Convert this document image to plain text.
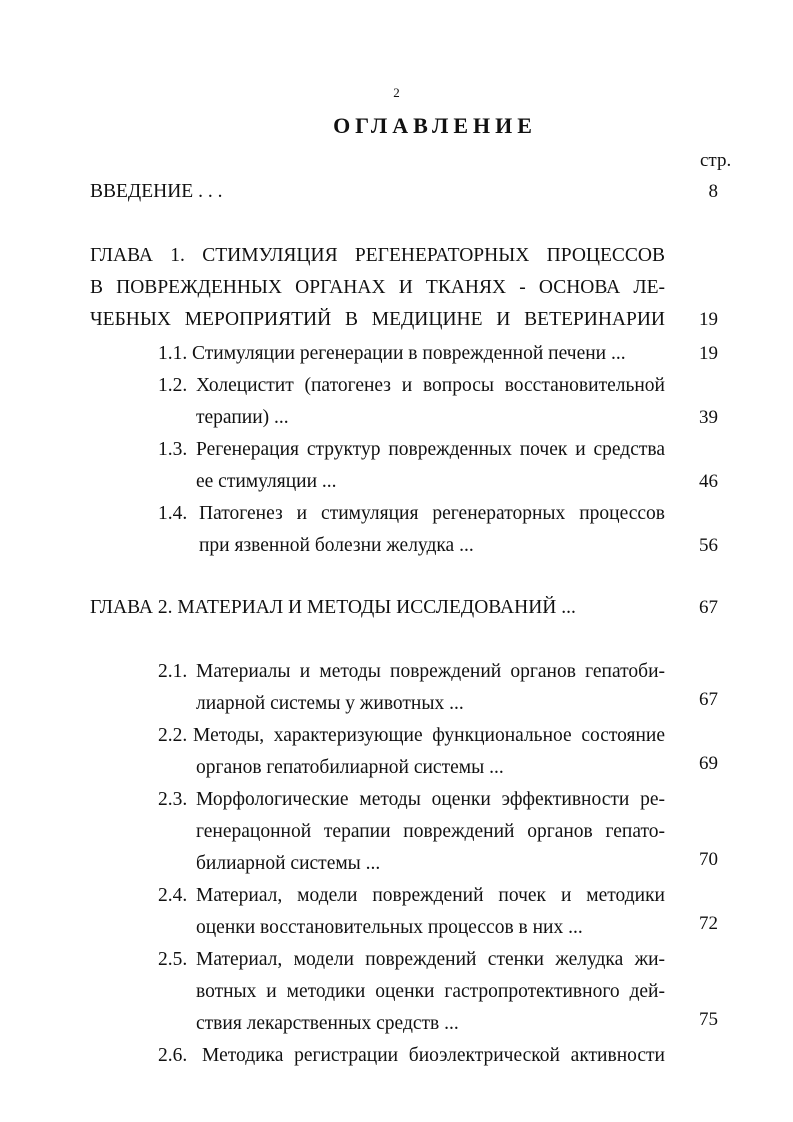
2
ОГЛАВЛЕНИЕ
стр.
ВВЕДЕНИЕ . . .	8
ГЛАВА 1. СТИМУЛЯЦИЯ РЕГЕНЕРАТОРНЫХ ПРОЦЕССОВ
В ПОВРЕЖДЕННЫХ ОРГАНАХ И ТКАНЯХ - ОСНОВА ЛЕ-
ЧЕБНЫХ МЕРОПРИЯТИЙ В МЕДИЦИНЕ И ВЕТЕРИНАРИИ	19
1.1. Стимуляции регенерации в поврежденной печени ...	19
1.2. Холецистит (патогенез и вопросы восстановительной
терапии) ...	39
1.3. Регенерация структур поврежденных почек и средства
ее стимуляции ...	46
1.4. Патогенез и стимуляция регенераторных процессов
при язвенной болезни желудка ...	56
ГЛАВА 2. МАТЕРИАЛ И МЕТОДЫ ИССЛЕДОВАНИЙ ...	67
2.1. Материалы и методы повреждений органов гепатоби-
лиарной системы у животных ...	67
2.2. Методы, характеризующие функциональное состояние
органов гепатобилиарной системы ...	69
2.3. Морфологические методы оценки эффективности ре-
генерацонной терапии повреждений органов гепато-
билиарной системы ...	70
2.4. Материал, модели повреждений почек и методики
оценки восстановительных процессов в них ...	72
2.5. Материал, модели повреждений стенки желудка жи-
вотных и методики оценки гастропротективного дей-
ствия лекарственных средств ...	75
2.6. Методика регистрации биоэлектрической активности
